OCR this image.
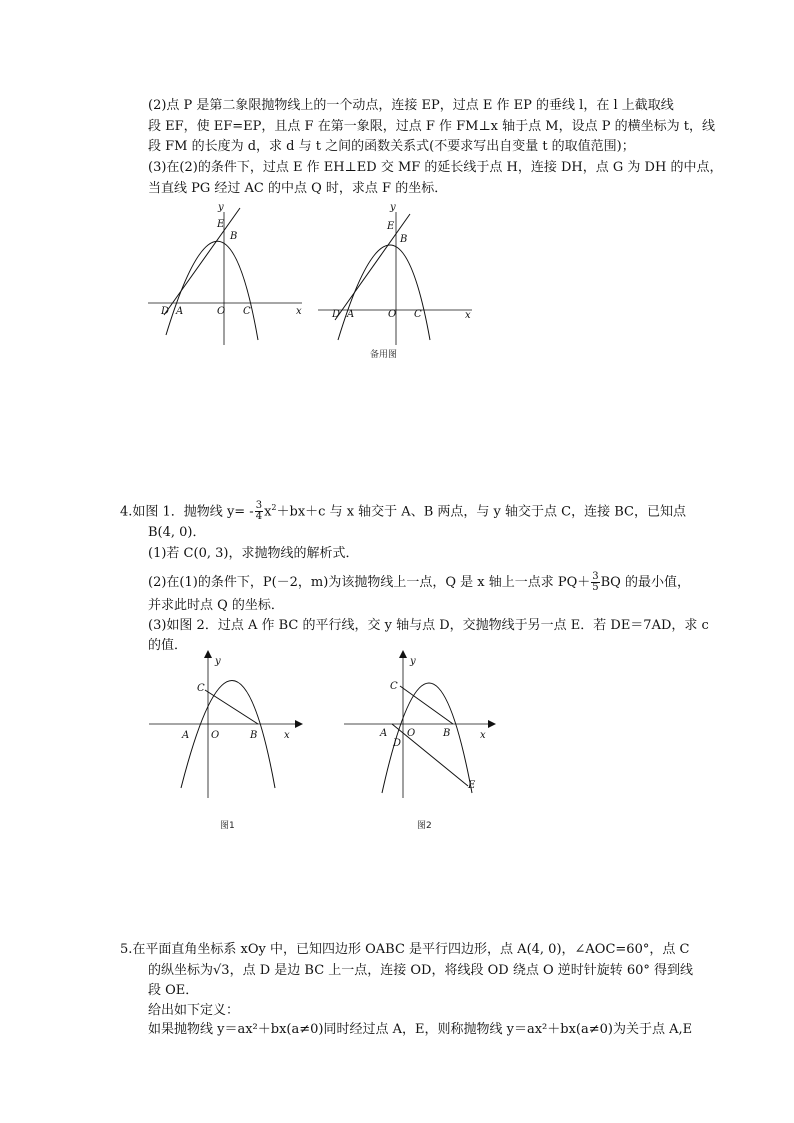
(2)点 P 是第二象限抛物线上的一个动点，连接 EP，过点 E 作 EP 的垂线 l，在 l 上截取线
段 EF，使 EF=EP，且点 F 在第一象限，过点 F 作 FM⊥x 轴于点 M，设点 P 的横坐标为 t，线
段 FM 的长度为 d，求 d 与 t 之间的函数关系式(不要求写出自变量 t 的取值范围)；
(3)在(2)的条件下，过点 E 作 EH⊥ED 交 MF 的延长线于点 H，连接 DH，点 G 为 DH 的中点，
当直线 PG 经过 AC 的中点 Q 时，求点 F 的坐标．
y
x
E
B
D A	O C
y
x
E
B
D A	O C
备用图
4.如图 1．抛物线 $y= - \frac{3}{4} x^2+bx+c$ 与 x 轴交于 A、B 两点，与 y 轴交于点 C，连接 BC，已知点
B(4, 0)．
(1)若 C(0, 3)，求抛物线的解析式．
(2)在(1)的条件下，P(－2，m)为该抛物线上一点，Q 是 x 轴上一点求 $PQ+ \frac{3}{5}$ BQ 的最小值，
并求此时点 Q 的坐标．
(3)如图 2．过点 A 作 BC 的平行线，交 y 轴与点 D，交抛物线于另一点 E．若 DE＝7AD，求 c
的值．
y
x
C
A O	B
图1
y
x
C
A O
D
B
E
图2
5.在平面直角坐标系 xOy 中，已知四边形 OABC 是平行四边形，点 A(4, 0)，∠AOC=60°，点 C
的纵坐标为√3，点 D 是边 BC 上一点，连接 OD，将线段 OD 绕点 O 逆时针旋转 60° 得到线
段 OE．
给出如下定义：
如果抛物线 y＝ax²＋bx(a≠0)同时经过点 A，E，则称抛物线 y＝ax²＋bx(a≠0)为关于点 A,E
